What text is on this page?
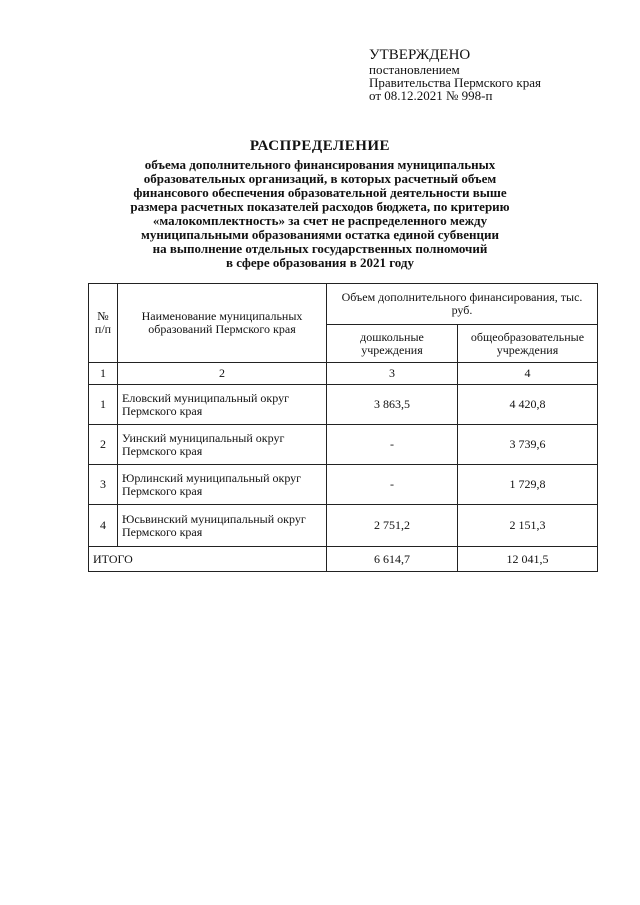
УТВЕРЖДЕНО
постановлением
Правительства Пермского края
от 08.12.2021 № 998-п
РАСПРЕДЕЛЕНИЕ
объема дополнительного финансирования муниципальных
образовательных организаций, в которых расчетный объем
финансового обеспечения образовательной деятельности выше
размера расчетных показателей расходов бюджета, по критерию
«малокомплектность» за счет не распределенного между
муниципальными образованиями остатка единой субвенции
на выполнение отдельных государственных полномочий
в сфере образования в 2021 году
№ п/п	Наименование муниципальных образований Пермского края	Объем дополнительного финансирования, тыс. руб.	
		дошкольные учреждения	общеобразовательные учреждения
1	2	3	4
1	Еловский муниципальный округ Пермского края	3 863,5	4 420,8
2	Уинский муниципальный округ Пермского края	-	3 739,6
3	Юрлинский муниципальный округ Пермского края	-	1 729,8
4	Юсьвинский муниципальный округ Пермского края	2 751,2	2 151,3
ИТОГО		6 614,7	12 041,5
